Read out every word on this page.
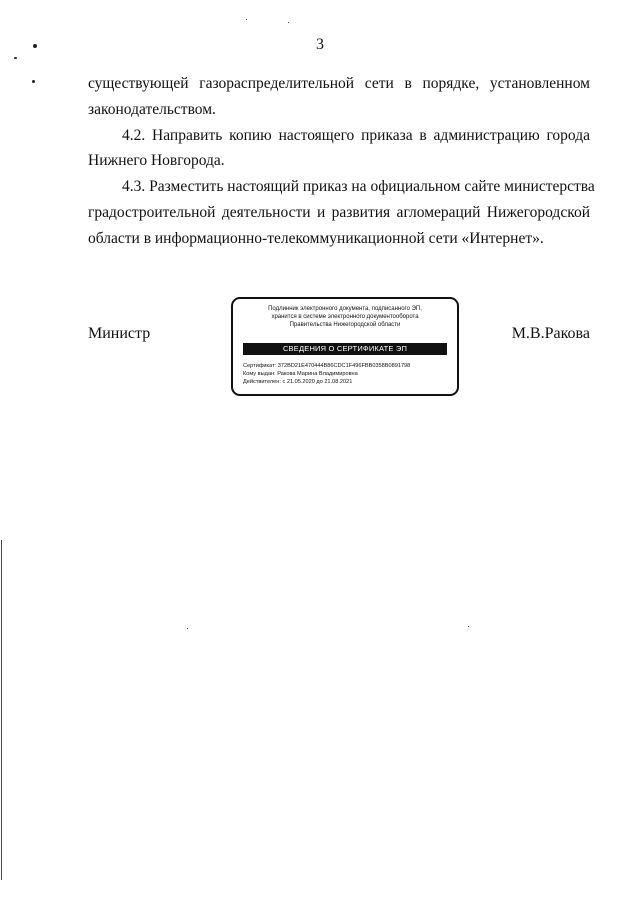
3
существующей газораспределительной сети в порядке, установленном
законодательством.
4.2. Направить копию настоящего приказа в администрацию города
Нижнего Новгорода.
4.3. Разместить настоящий приказ на официальном сайте министерства
градостроительной деятельности и развития агломераций Нижегородской
области в информационно-телекоммуникационной сети «Интернет».
Министр
Подлинник электронного документа, подписанного ЭП,
хранится в системе электронного документооборота
Правительства Нижегородской области
СВЕДЕНИЯ О СЕРТИФИКАТЕ ЭП
Сертификат: 372BD21E470444B86CDC1F496FBB0358B0891798
Кому выдан: Ракова Марина Владимировна
Действителен: с 21.05.2020 до 21.08.2021
М.В.Ракова
